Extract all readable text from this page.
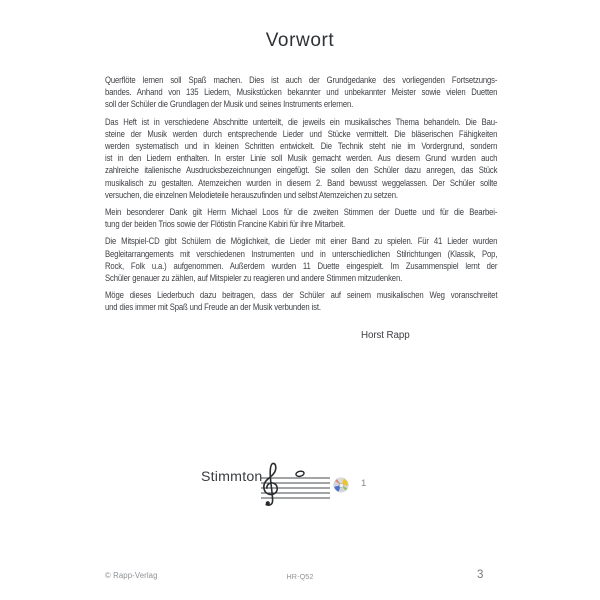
Vorwort
Querflöte lernen soll Spaß machen. Dies ist auch der Grundgedanke des vorliegenden Fortsetzungs-
bandes. Anhand von 135 Liedern, Musikstücken bekannter und unbekannter Meister sowie vielen Duetten
soll der Schüler die Grundlagen der Musik und seines Instruments erlernen.
Das Heft ist in verschiedene Abschnitte unterteilt, die jeweils ein musikalisches Thema behandeln. Die Bau-
steine der Musik werden durch entsprechende Lieder und Stücke vermittelt. Die bläserischen Fähigkeiten
werden systematisch und in kleinen Schritten entwickelt. Die Technik steht nie im Vordergrund, sondern
ist in den Liedern enthalten. In erster Linie soll Musik gemacht werden. Aus diesem Grund wurden auch
zahlreiche italienische Ausdrucksbezeichnungen eingefügt. Sie sollen den Schüler dazu anregen, das Stück
musikalisch zu gestalten. Atemzeichen wurden in diesem 2. Band bewusst weggelassen. Der Schüler sollte
versuchen, die einzelnen Melodieteile herauszufinden und selbst Atemzeichen zu setzen.
Mein besonderer Dank gilt Herrn Michael Loos für die zweiten Stimmen der Duette und für die Bearbei-
tung der beiden Trios sowie der Flötistin Francine Kabiri für ihre Mitarbeit.
Die Mitspiel-CD gibt Schülern die Möglichkeit, die Lieder mit einer Band zu spielen. Für 41 Lieder wurden
Begleitarrangements mit verschiedenen Instrumenten und in unterschiedlichen Stilrichtungen (Klassik, Pop,
Rock, Folk u.a.) aufgenommen. Außerdem wurden 11 Duette eingespielt. Im Zusammenspiel lernt der
Schüler genauer zu zählen, auf Mitspieler zu reagieren und andere Stimmen mitzudenken.
Möge dieses Liederbuch dazu beitragen, dass der Schüler auf seinem musikalischen Weg voranschreitet
und dies immer mit Spaß und Freude an der Musik verbunden ist.
Horst Rapp
Stimmton	1
© Rapp-Verlag	HR-Q52	3
